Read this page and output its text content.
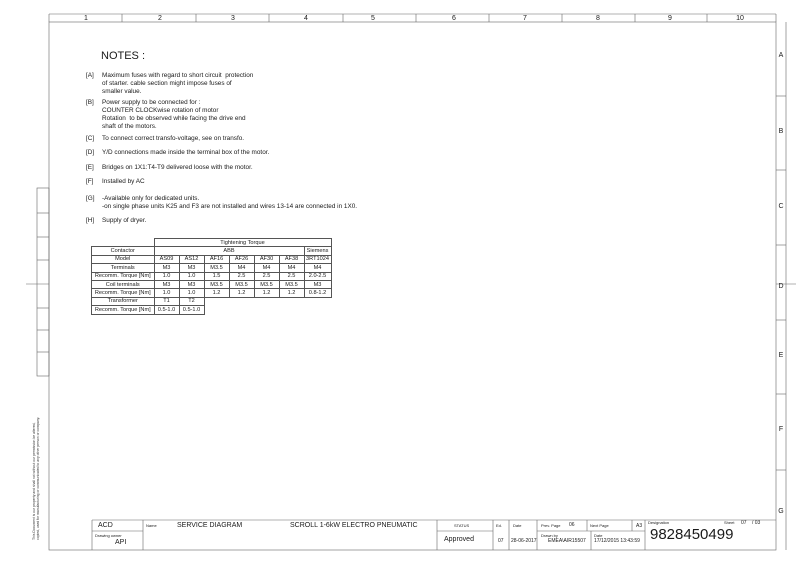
1	2	3	4	5	6	7	8	9	10
A
B
C
D
E
F
G
NOTES :
[A] Maximum fuses with regard to short circuit  protection
of starter. cable section might impose fuses of
smaller value.
[B] Power supply to be connected for :
COUNTER CLOCKwise rotation of motor
Rotation  to be observed while facing the drive end
shaft of the motors.
[C] To connect correct transfo-voltage, see on transfo.
[D] Y/D connections made inside the terminal box of the motor.
[E] Bridges on 1X1:T4-T9 delivered loose with the motor.
[F] Installed by AC
[G] -Available only for dedicated units.
-on single phase units K25 and F3 are not installed and wires 13-14 are connected in 1X0.
[H] Supply of dryer.
	Tightening Torque						
Contactor	ABB						Siemens
Model	AS09	AS12	AF16	AF26	AF30	AF38	3RT1024
Terminals	M3	M3	M3.5	M4	M4	M4	M4
Recomm. Torque [Nm]	1.0	1.0	1.5	2.5	2.5	2.5	2.0-2.5
Coil terminals	M3	M3	M3.5	M3.5	M3.5	M3.5	M3
Recomm. Torque [Nm]	1.0	1.0	1.2	1.2	1.2	1.2	0.8-1.2
Transformer	T1	T2					
Recomm. Torque [Nm]	0.5-1.0	0.5-1.0					
This Document is our property and shall not without our permission be altered, copied, used for manufacturing or communicated to any other person or company.	ACD
Drawing owner
API
Name	SERVICE DIAGRAM	SCROLL 1-6kW ELECTRO PNEUMATIC	STATUS
Approved
Ed.
07
Date
28-06-2017
Prev. Page 06	Next Page
Drawn by
EMEA\AIR15507
Date
17/12/2015 13:43:59
A3
Designation
9828450499
Sheet 07 / 03
